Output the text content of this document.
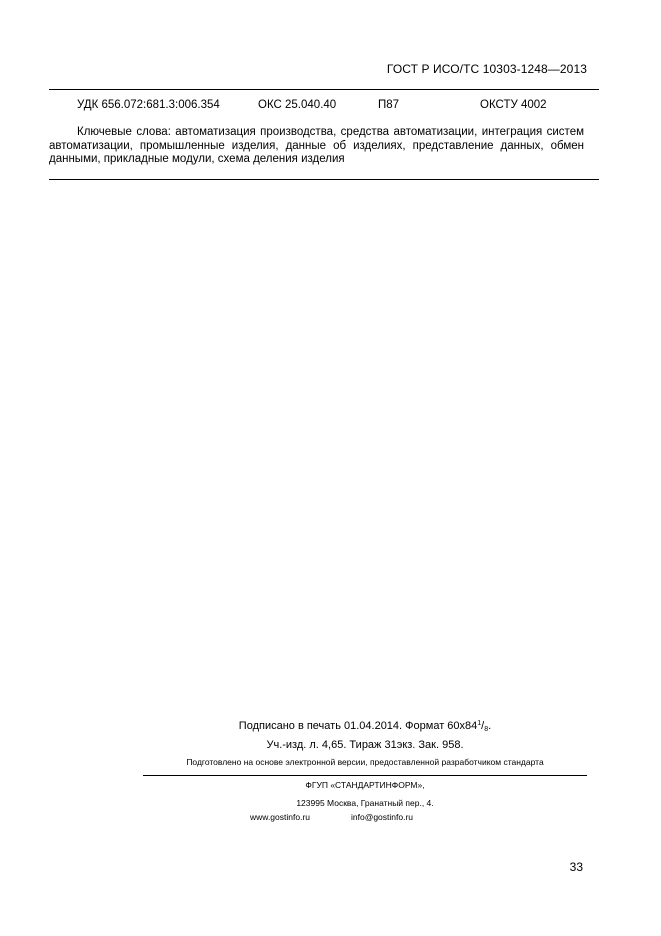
ГОСТ Р ИСО/ТС 10303-1248—2013
УДК 656.072:681.3:006.354	ОКС 25.040.40	П87	ОКСТУ 4002

Ключевые слова: автоматизация производства, средства автоматизации, интеграция систем автоматизации, промышленные изделия, данные об изделиях, представление данных, обмен данными, прикладные модули, схема деления изделия

Подписано в печать 01.04.2014. Формат $60x84^1/_8$.
Уч.-изд. л. 4,65. Тираж 31экз. Зак. 958.
Подготовлено на основе электронной версии, предоставленной разработчиком стандарта
ФГУП «СТАНДАРТИНФОРМ»,
123995 Москва, Гранатный пер., 4.
www.gostinfo.ru	info@gostinfo.ru
33
